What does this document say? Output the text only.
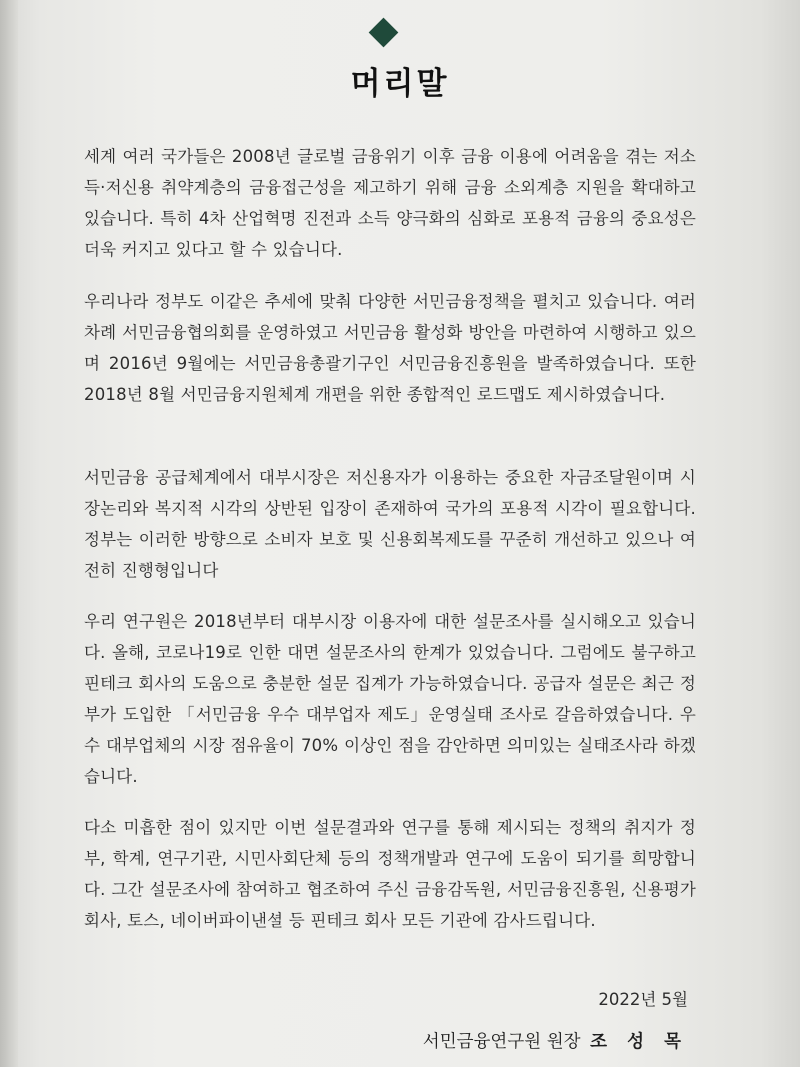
머리말

세계 여러 국가들은 2008년 글로벌 금융위기 이후 금융 이용에 어려움을 겪는 저소득·저신용 취약계층의 금융접근성을 제고하기 위해 금융 소외계층 지원을 확대하고 있습니다. 특히 4차 산업혁명 진전과 소득 양극화의 심화로 포용적 금융의 중요성은 더욱 커지고 있다고 할 수 있습니다.

우리나라 정부도 이같은 추세에 맞춰 다양한 서민금융정책을 펼치고 있습니다. 여러 차례 서민금융협의회를 운영하였고 서민금융 활성화 방안을 마련하여 시행하고 있으며 2016년 9월에는 서민금융총괄기구인 서민금융진흥원을 발족하였습니다. 또한 2018년 8월 서민금융지원체계 개편을 위한 종합적인 로드맵도 제시하였습니다.

서민금융 공급체계에서 대부시장은 저신용자가 이용하는 중요한 자금조달원이며 시장논리와 복지적 시각의 상반된 입장이 존재하여 국가의 포용적 시각이 필요합니다. 정부는 이러한 방향으로 소비자 보호 및 신용회복제도를 꾸준히 개선하고 있으나 여전히 진행형입니다

우리 연구원은 2018년부터 대부시장 이용자에 대한 설문조사를 실시해오고 있습니다. 올해, 코로나19로 인한 대면 설문조사의 한계가 있었습니다. 그럼에도 불구하고 핀테크 회사의 도움으로 충분한 설문 집계가 가능하였습니다. 공급자 설문은 최근 정부가 도입한 「서민금융 우수 대부업자 제도」운영실태 조사로 갈음하였습니다. 우수 대부업체의 시장 점유율이 70% 이상인 점을 감안하면 의미있는 실태조사라 하겠습니다.

다소 미흡한 점이 있지만 이번 설문결과와 연구를 통해 제시되는 정책의 취지가 정부, 학계, 연구기관, 시민사회단체 등의 정책개발과 연구에 도움이 되기를 희망합니다. 그간 설문조사에 참여하고 협조하여 주신 금융감독원, 서민금융진흥원, 신용평가회사, 토스, 네이버파이낸셜 등 핀테크 회사 모든 기관에 감사드립니다.

2022년 5월
서민금융연구원 원장 조 성 목
